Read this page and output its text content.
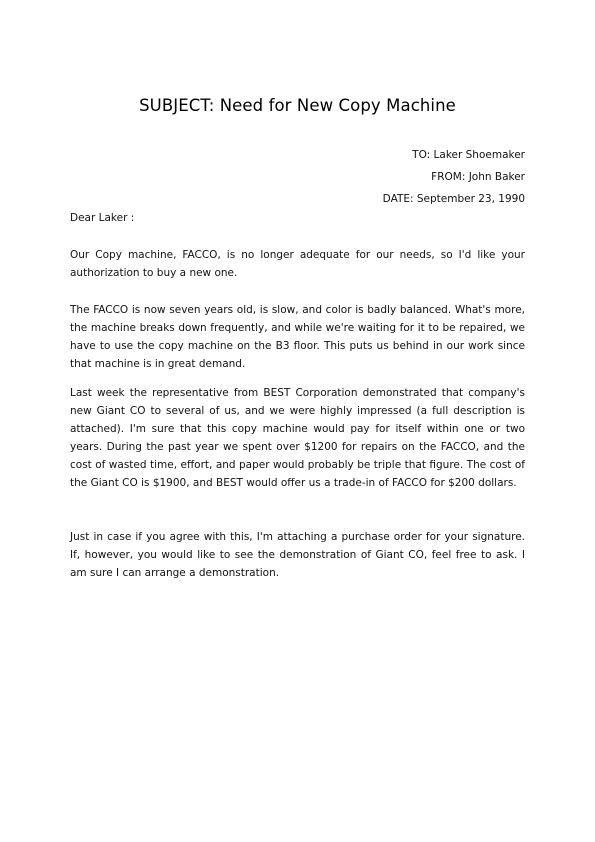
SUBJECT: Need for New Copy Machine
TO: Laker Shoemaker
FROM: John Baker
DATE: September 23, 1990
Dear Laker :
Our Copy machine, FACCO, is no longer adequate for our needs, so I'd like your authorization to buy a new one.
The FACCO is now seven years old, is slow, and color is badly balanced. What's more, the machine breaks down frequently, and while we're waiting for it to be repaired, we have to use the copy machine on the B3 floor. This puts us behind in our work since that machine is in great demand.
Last week the representative from BEST Corporation demonstrated that company's new Giant CO to several of us, and we were highly impressed (a full description is attached). I'm sure that this copy machine would pay for itself within one or two years. During the past year we spent over $1200 for repairs on the FACCO, and the cost of wasted time, effort, and paper would probably be triple that figure. The cost of the Giant CO is $1900, and BEST would offer us a trade-in of FACCO for $200 dollars.
Just in case if you agree with this, I'm attaching a purchase order for your signature. If, however, you would like to see the demonstration of Giant CO, feel free to ask. I am sure I can arrange a demonstration.
